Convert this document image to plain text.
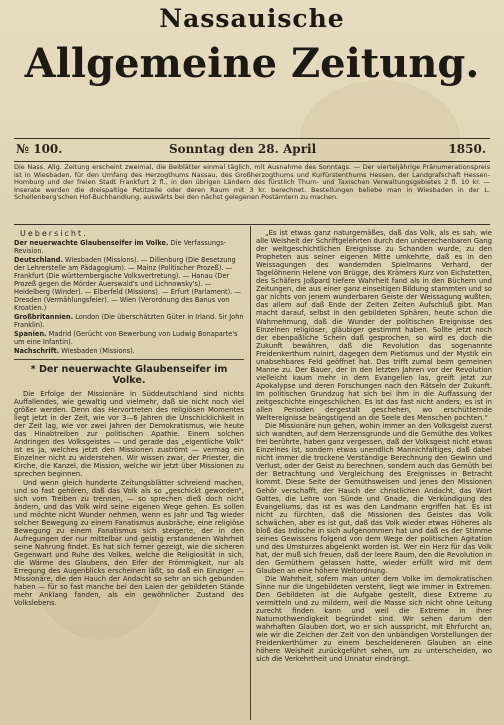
Nassauische
Allgemeine Zeitung.
№ 100.	Sonntag den 28. April	1850.
Die Nass. Allg. Zeitung erscheint zweimal, die Beiblätter einmal täglich, mit Ausnahme des Sonntags. — Der vierteljährige Pränumerationspreis ist in Wiesbaden, für den Umfang des Herzogthums Nassau, des Großherzogthums und Kurfürstenthums Hessen, der Landgrafschaft Hessen-Homburg und der freien Stadt Frankfurt 2 fl., in den übrigen Ländern des fürstlich Thurn- und Taxischen Verwaltungsgebietes 2 fl. 10 kr. — Inserate werden die dreispaltige Petitzeile oder deren Raum mit 3 kr. berechnet. Bestellungen beliebe man in Wiesbaden in der L. Schellenberg'schen Hof-Buchhandlung, auswärts bei den nächst gelegenen Postämtern zu machen.
Uebersicht.

Der neuerwachte Glaubenseifer im Volke. Die Verfassungs-Revision.

Deutschland. Wiesbaden (Missions). — Dillenburg (Die Besetzung der Lehrerstelle am Pädagogium). — Mainz (Politischer Prozeß). — Frankfurt (Die württembergische Volksvertretung). — Hanau (Der Prozeß gegen die Mörder Auerswald's und Lichnowsky's). — Heidelberg (Winder). — Elberfeld (Missions). — Erfurt (Parlament). — Dresden (Vermählungsfeier). — Wien (Verordnung des Banus von Kroatien.)

Großbritannien. London (Die überschätzten Güter in Irland. Sir John Franklin).

Spanien. Madrid (Gerücht von Bewerbung von Ludwig Bonaparte's um eine Infantin).

Nachschrift. Wiesbaden (Missions).

* Der neuerwachte Glaubenseifer im Volke.

Die Erfolge der Missionäre in Süddeutschland sind nichts Auffallendes, wie gewaltig und vielmehr, daß sie nicht noch viel größer werden. Denn das Hervortreten des religiösen Momentes liegt jetzt in der Zeit, wie vor 3—6 Jahren die Unschicklichkeit in der Zeit lag, wie vor zwei Jahren der Demokratismus, wie heute das Hinabtreiben zur politischen Apathie. Einem solchen Andringen des Volksgeistes — und gerade das „eigentliche Volk“ ist es ja, welches jetzt den Missionen zuströmt — vermag ein Einzelner nicht zu widerstehen. Wir wissen zwar, der Priester, die Kirche, die Kanzel, die Mission, welche wir jetzt über Missionen zu sprechen beginnen.

Und wenn gleich hunderte Zeitungsblätter schreiend machen, und so fast gehören, daß das Volk als so „geschickt geworden“, sich vom Treiben zu trennen, — so sprechen dieß doch nicht ändern, und das Volk wird seine eigenen Wege gehen. Es sollen und möchte nicht Wunder nehmen, wenn es Jahr und Tag wieder solcher Bewegung zu einem Fanatismus ausbräche; eine religiöse Bewegung zu einem Fanatismus sich steigerte, der in den Aufregungen der nur mittelbar und geistig erstandenen Wahrheit seine Nahrung findet. Es hat sich ferner gezeigt, wie die sicheren Gegenwart und Ruhe des Volkes, welche die Religiosität in sich, die Wärme des Glaubens, den Eifer der Frömmigkeit, nur als Erregung des Augenblicks erscheinen läßt, so daß ein Einziger — Missionäre, die den Hauch der Andacht so sehr an sich gebunden haben — für so fast manche bei den Laien der gebildeten Stände mehr Anklang fanden, als ein gewöhnlicher Zustand des Volkslebens.

„Es ist etwas ganz naturgemäßes, daß das Volk, als es sah, wie alle Weisheit der Schriftgelehrten durch den unberechenbaren Gang der weltgeschichtlichen Ereignisse zu Schanden wurde, zu den Propheten aus seiner eigenen Mitte umkehrte, daß es in den Weissagungen des wandernden Spielmanns Verhard, der Tagelöhnerin Helene von Brügge, des Krämers Kurz von Eichstetten, des Schäfers Joßpard tiefere Wahrheit fand als in den Büchern und Zeitungen, die aus einer ganz einseitigen Bildung stammten und so gar nichts von jenem wunderbaren Geiste der Weissagung wußten, das allem auf daß Ende der Zeiten Zeiten Aufschluß gibt. Man macht darauf, selbst in den gebildeten Sphären, heute schon die Wahrnehmung, daß die Wunder der politischen Ereignisse des Einzelnen religiöser, gläubiger gestimmt haben. Sollte jetzt noch der ebenpaßliche Schein daß gesprochen, so wird es doch die Zukunft bewähren, daß die Revolution das sogenannte Freidenkerthum ruinirt, dagegen dem Pietismus und der Mystik ein unabsehbares Feld geöffnet hat. Das trifft zumal beim gemeinen Manne zu. Der Bauer, der in den letzten Jahren vor der Revolution vielleicht kaum mehr in dem Evangelien las, greift jetzt zur Apokalypse und deren Forschungen nach den Rätseln der Zukunft. Im politischen Grundzug hat sich bei ihm in die Auffassung der zeitgeschichte eingeschlichen. Es ist das fast nicht anders; es ist in allen Perioden dergestalt geschehen, wo erschütternde Weltereignisse beängstigend an die Seele des Menschen pochten.“

Die Missionäre nun gehen, wohin immer an den Volksgeist zuerst sich wandten, auf dem Herzensgrunde und die Gemüthe des Volkes frei berührte, haben ganz vergessen, daß der Volksgeist nicht etwas Einzelnes ist, sondern etwas unendlich Mannichfaltiges, daß dabei nicht immer die trockene Verständige Berechnung den Gewinn und Verlust, oder der Geist zu berechnen, sondern auch das Gemüth bei der Betrachtung und Vergleichung des Ereignisses in Betracht kommt. Diese Seite der Gemüthsweisen und jenes den Missionen Gehör verschafft, der Hauch der christlichen Andacht, das Wort Gottes, die Lehre von Sünde und Gnade, die Verkündigung des Evangeliums, das ist es was den Landmann ergriffen hat. Es ist nicht zu fürchten, daß die Missionen des Geistes das Volk schwächen, aber es ist gut, daß das Volk wieder etwas Höheres als bloß das Irdische in sich aufgenommen hat und daß es der Stimme seines Gewissens folgend von dem Wege der politischen Agitation und des Umsturzes abgelenkt worden ist. Wer ein Herz für das Volk hat, der muß sich freuen, daß der leere Raum, den die Revolution in den Gemüthern gelassen hatte, wieder erfüllt wird mit dem Glauben an eine höhere Weltordnung.

Die Wahrheit, sofern man unter dem Volke im demokratischen Sinne nur die Ungebildeten versteht, liegt wie immer in Extremen. Den Gebildeten ist die Aufgabe gestellt, diese Extreme zu vermitteln und zu mildern, weil die Masse sich nicht ohne Leitung zurecht finden kann und weil die Extreme in ihrer Naturnothwendigkeit begründet sind. Wir sehen darum den wahrhaften Glauben dort, wo er sich ausspricht, mit Ehrfurcht an, wie wir die Zeichen der Zeit von den unbändigen Vorstellungen der Freidenkerthümer zu einem bescheideneren Glauben an eine höhere Weisheit zurückgeführt sehen, um zu unterscheiden, wo sich die Verkehrtheit und Unnatur eindrängt.
